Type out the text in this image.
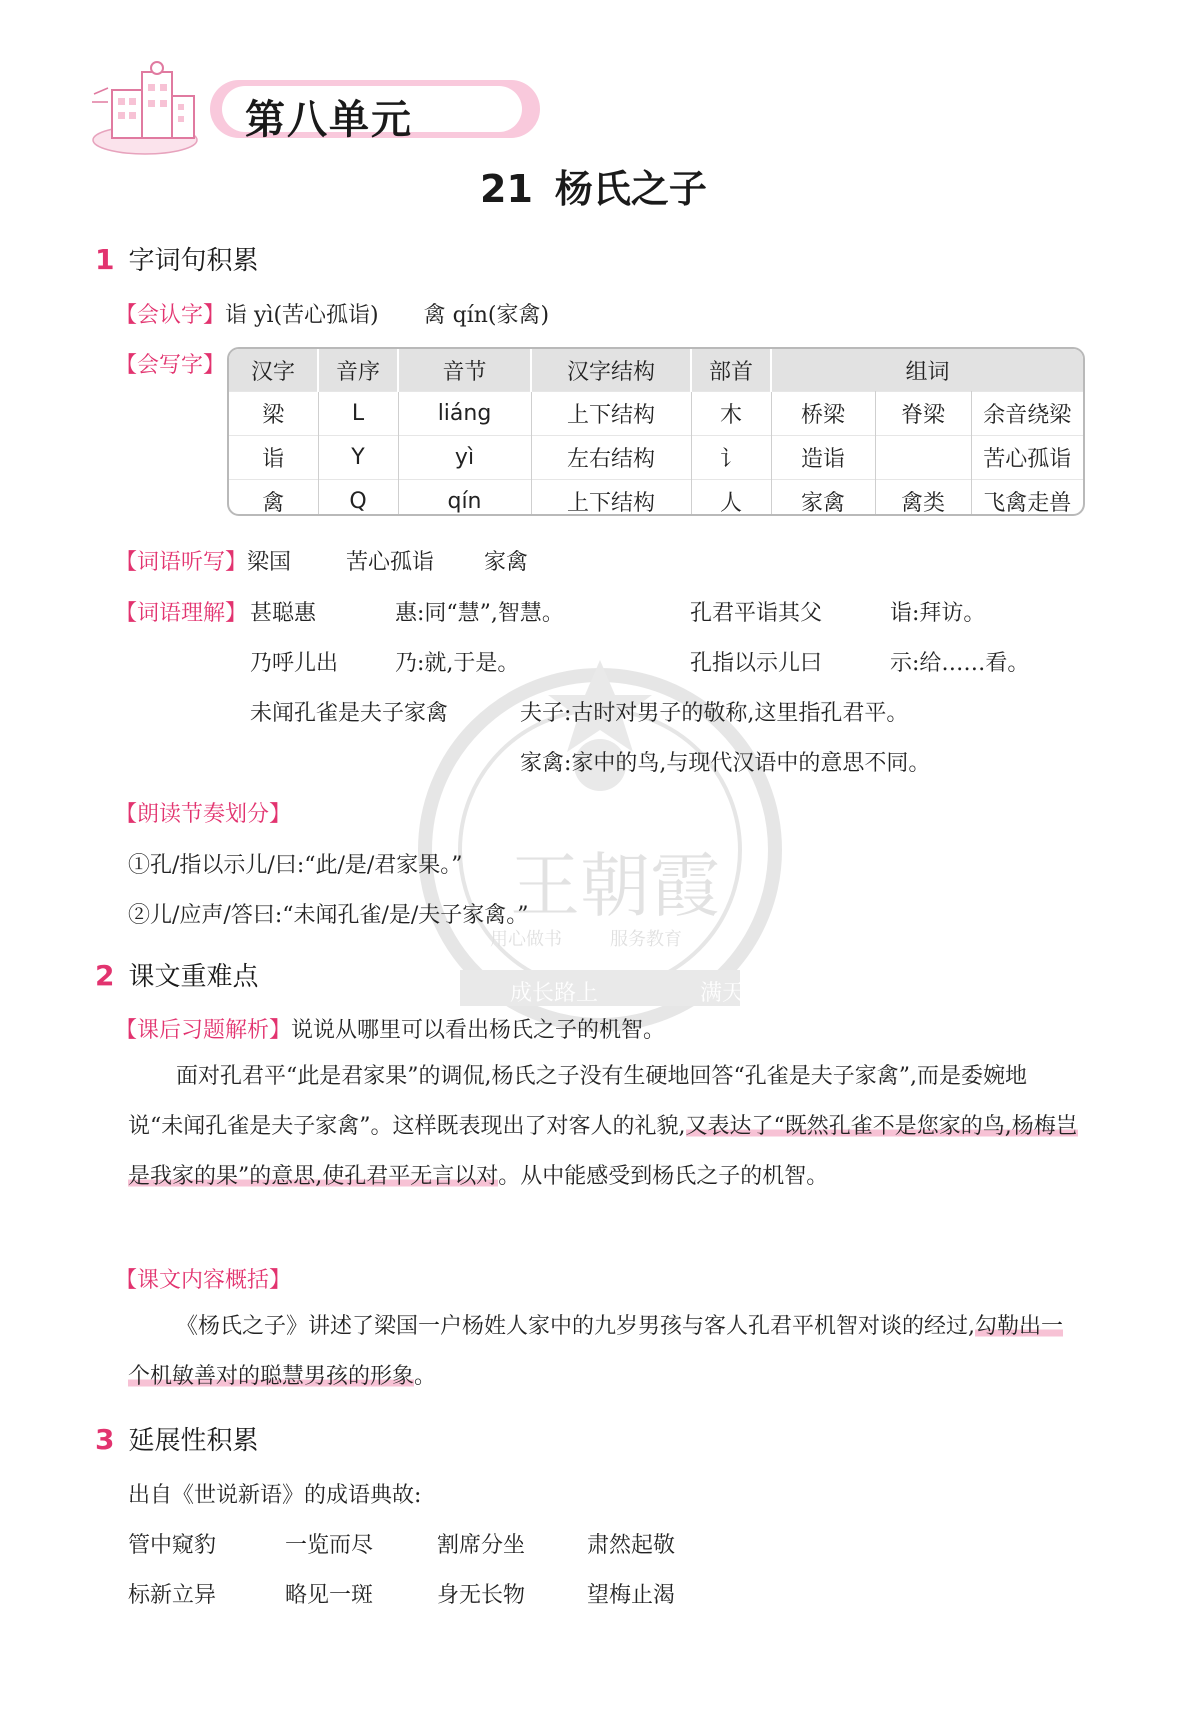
第八单元
21 杨氏之子
王朝霞
用心做书	服务教育
成长路上	满天
1 字词句积累
【会认字】诣 yì(苦心孤诣) 禽 qín(家禽)
【会写字】 汉字	音序	音节	汉字结构	部首	组词		
梁	L	liáng	上下结构	木	桥梁	脊梁	余音绕梁
诣	Y	yì	左右结构	讠	造诣		苦心孤诣
禽	Q	qín	上下结构	人	家禽	禽类	飞禽走兽
【词语听写】梁国	苦心孤诣 家禽
【词语理解】 甚聪惠	惠:同“慧”,智慧。	孔君平诣其父	诣:拜访。
乃呼儿出	乃:就,于是。	孔指以示儿曰	示:给……看。
未闻孔雀是夫子家禽	夫子:古时对男子的敬称,这里指孔君平。
家禽:家中的鸟,与现代汉语中的意思不同。
【朗读节奏划分】
①孔/指以示儿/曰:“此/是/君家果。”
②儿/应声/答曰:“未闻孔雀/是/夫子家禽。”
2 课文重难点
【课后习题解析】说说从哪里可以看出杨氏之子的机智。
面对孔君平“此是君家果”的调侃,杨氏之子没有生硬地回答“孔雀是夫子家禽”,而是委婉地说“未闻孔雀是夫子家禽”。这样既表现出了对客人的礼貌,又表达了“既然孔雀不是您家的鸟,杨梅岂是我家的果”的意思,使孔君平无言以对。从中能感受到杨氏之子的机智。
【课文内容概括】
《杨氏之子》讲述了梁国一户杨姓人家中的九岁男孩与客人孔君平机智对谈的经过,勾勒出一个机敏善对的聪慧男孩的形象。
3 延展性积累
出自《世说新语》的成语典故:
管中窥豹	一览而尽	割席分坐	肃然起敬
标新立异	略见一斑	身无长物	望梅止渴
